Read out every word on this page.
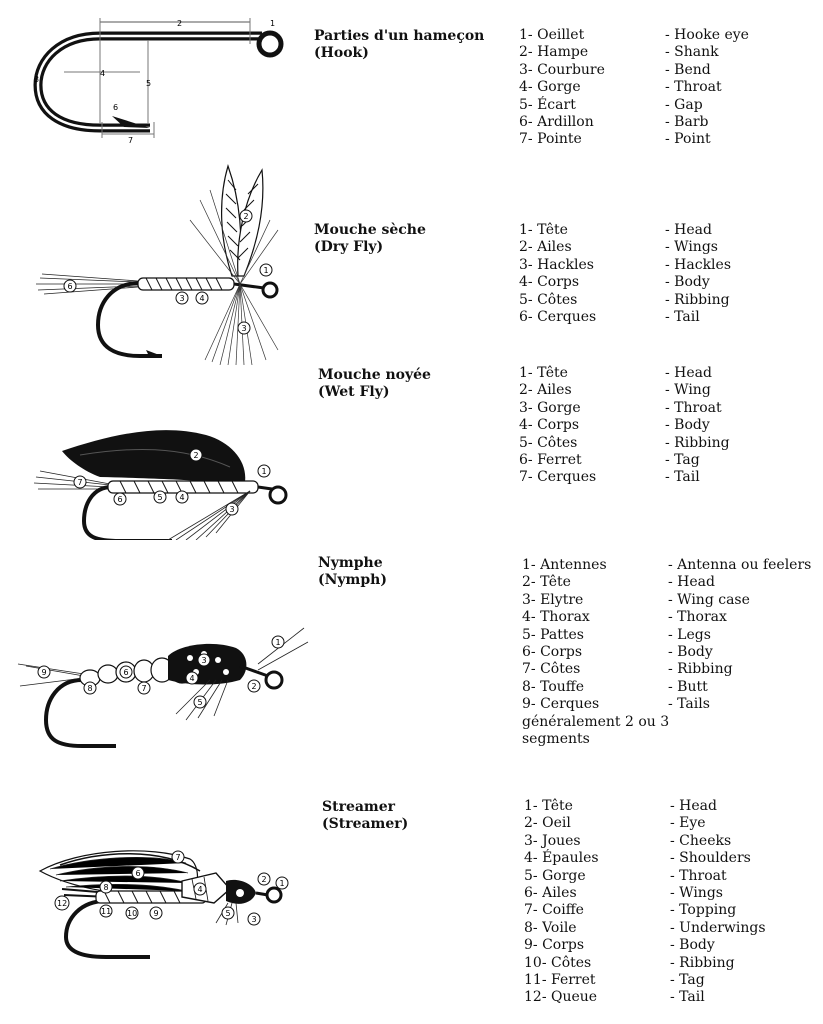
1
2
3
4
5
6
7
Parties d'un hameçon
(Hook)
1- Oeillet	- Hooke eye
2- Hampe	- Shank
3- Courbure	- Bend
4- Gorge	- Throat
5- Écart	- Gap
6- Ardillon	- Barb
7- Pointe	- Point
1
2
3
3
4
6
Mouche sèche
(Dry Fly)
1- Tête	- Head
2- Ailes	- Wings
3- Hackles	- Hackles
4- Corps	- Body
5- Côtes	- Ribbing
6- Cerques	- Tail
1
2
3
4
5
6
7
Mouche noyée
(Wet Fly)
1- Tête	- Head
2- Ailes	- Wing
3- Gorge	- Throat
4- Corps	- Body
5- Côtes	- Ribbing
6- Ferret	- Tag
7- Cerques	- Tail
1
2
3
4
5
6
7
8
9
Nymphe
(Nymph)
1- Antennes	- Antenna ou feelers
2- Tête	- Head
3- Elytre	- Wing case
4- Thorax	- Thorax
5- Pattes	- Legs
6- Corps	- Body
7- Côtes	- Ribbing
8- Touffe	- Butt
9- Cerques	- Tails
généralement 2 ou 3 segments
1
2
3
4
5
6
7
8
9
10
11
12
Streamer
(Streamer)
1- Tête	- Head
2- Oeil	- Eye
3- Joues	- Cheeks
4- Épaules	- Shoulders
5- Gorge	- Throat
6- Ailes	- Wings
7- Coiffe	- Topping
8- Voile	- Underwings
9- Corps	- Body
10- Côtes	- Ribbing
11- Ferret	- Tag
12- Queue	- Tail
